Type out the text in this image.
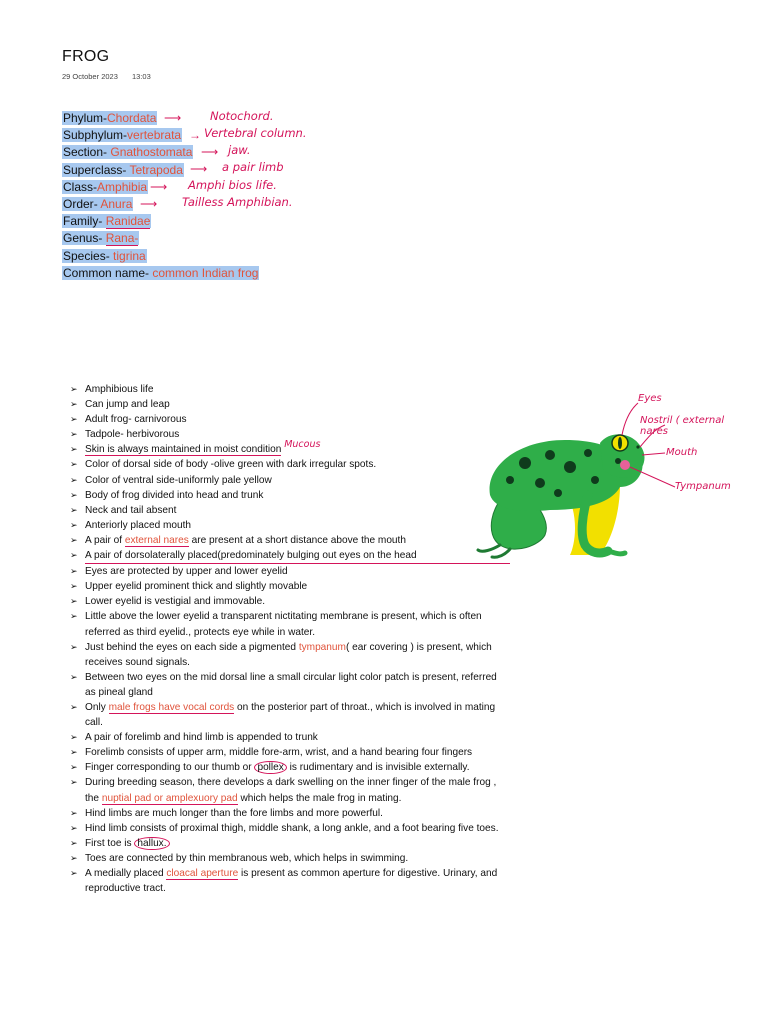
FROG
29 October 2023 13:03
Phylum-Chordata
Subphylum-vertebrata
Section- Gnathostomata
Superclass- Tetrapoda
Class-Amphibia
Order- Anura
Family- Ranidae
Genus- Rana-
Species- tigrina
Common name- common Indian frog
⟶	Notochord.
→ Vertebral column.
⟶ jaw.
⟶ a pair limb
⟶ Amphi bios life.
⟶ Tailless Amphibian.
➢ Amphibious life
➢ Can jump and leap
➢ Adult frog- carnivorous
➢ Tadpole- herbivorous
➢ Skin is always maintained in moist condition Mucous
➢ Color of dorsal side of body -olive green with dark irregular spots.
➢ Color of ventral side-uniformly pale yellow
➢ Body of frog divided into head and trunk
➢ Neck and tail absent
➢ Anteriorly placed mouth
➢ A pair of external nares are present at a short distance above the mouth
➢ A pair of dorsolaterally placed(predominately bulging out eyes on the head
➢ Eyes are protected by upper and lower eyelid
➢ Upper eyelid prominent thick and slightly movable
➢ Lower eyelid is vestigial and immovable.
➢ Little above the lower eyelid a transparent nictitating membrane is present, which is often referred as third eyelid., protects eye while in water.
➢ Just behind the eyes on each side a pigmented tympanum( ear covering ) is present, which receives sound signals.
➢ Between two eyes on the mid dorsal line a small circular light color patch is present, referred as pineal gland
➢ Only male frogs have vocal cords on the posterior part of throat., which is involved in mating call.
➢ A pair of forelimb and hind limb is appended to trunk
➢ Forelimb consists of upper arm, middle fore-arm, wrist, and a hand bearing four fingers
➢ Finger corresponding to our thumb or pollex is rudimentary and is invisible externally.
➢ During breeding season, there develops a dark swelling on the inner finger of the male frog , the nuptial pad or amplexuory pad which helps the male frog in mating.
➢ Hind limbs are much longer than the fore limbs and more powerful.
➢ Hind limb consists of proximal thigh, middle shank, a long ankle, and a foot bearing five toes.
➢ First toe is hallux.
➢ Toes are connected by thin membranous web, which helps in swimming.
➢ A medially placed cloacal aperture is present as common aperture for digestive. Urinary, and reproductive tract.
Eyes
Nostril ( external nares
Mouth
Tympanum
